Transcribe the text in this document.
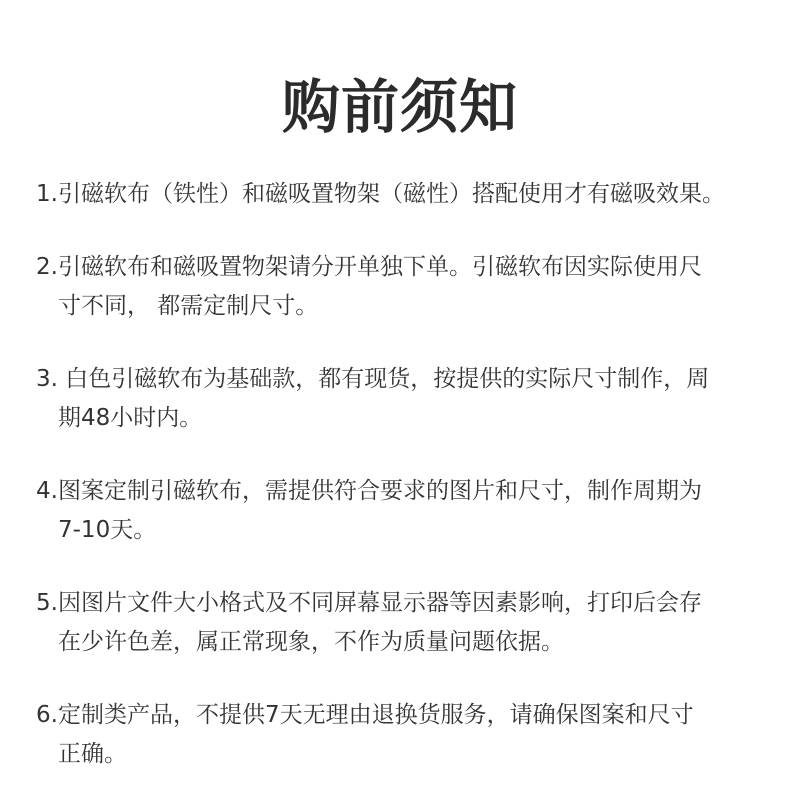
购前须知
1.引磁软布（铁性）和磁吸置物架（磁性）搭配使用才有磁吸效果。
2.引磁软布和磁吸置物架请分开单独下单。引磁软布因实际使用尺
寸不同， 都需定制尺寸。
3. 白色引磁软布为基础款，都有现货，按提供的实际尺寸制作，周
期48小时内。
4.图案定制引磁软布，需提供符合要求的图片和尺寸，制作周期为
7-10天。
5.因图片文件大小格式及不同屏幕显示器等因素影响，打印后会存
在少许色差，属正常现象，不作为质量问题依据。
6.定制类产品，不提供7天无理由退换货服务，请确保图案和尺寸
正确。
